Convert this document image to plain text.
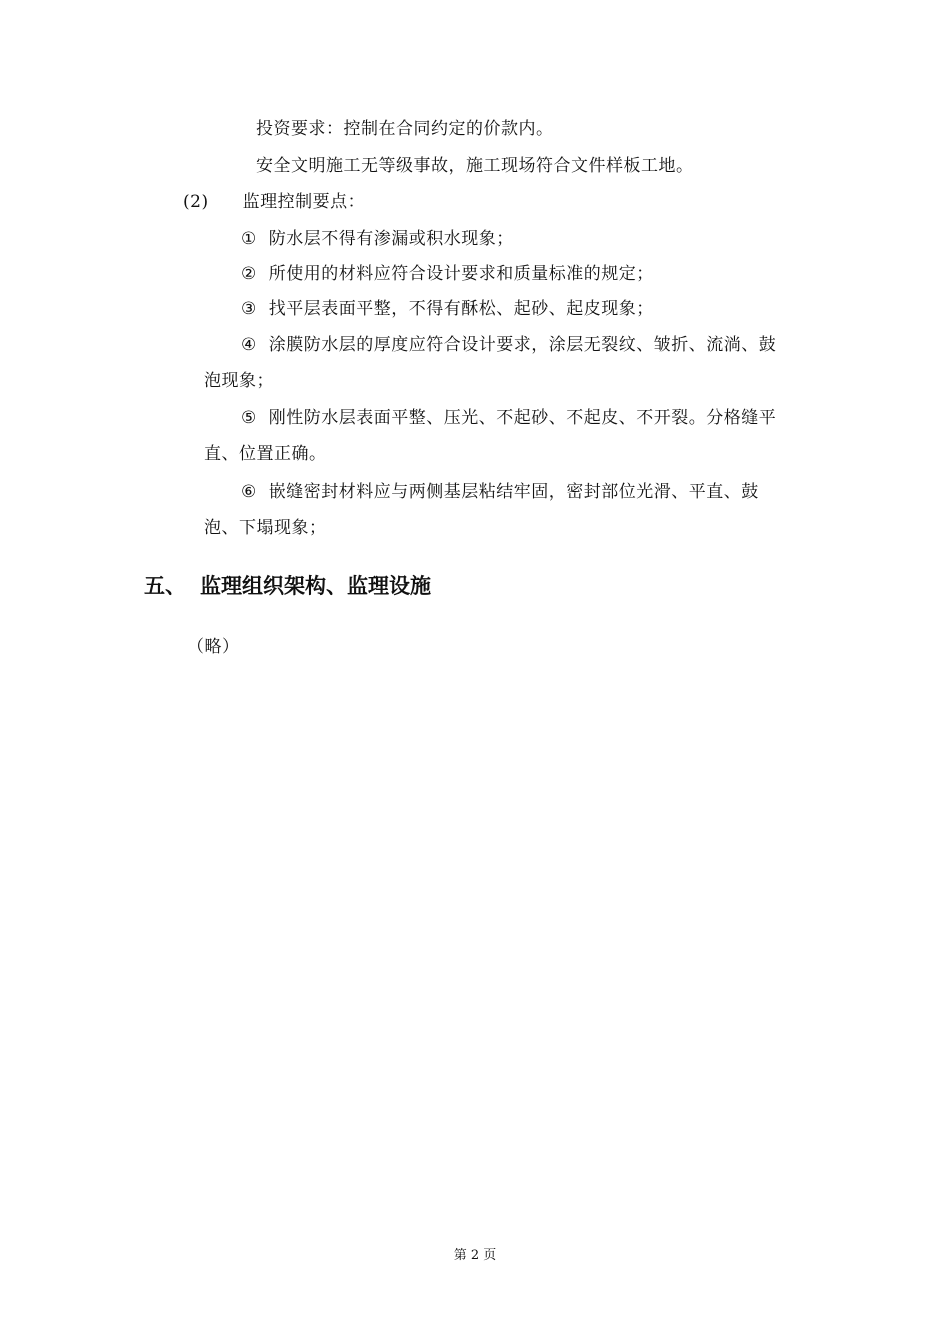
投资要求：控制在合同约定的价款内。
安全文明施工无等级事故，施工现场符合文件样板工地。
(2) 监理控制要点：
① 防水层不得有渗漏或积水现象；
② 所使用的材料应符合设计要求和质量标准的规定；
③ 找平层表面平整，不得有酥松、起砂、起皮现象；
④ 涂膜防水层的厚度应符合设计要求，涂层无裂纹、皱折、流淌、鼓
泡现象；
⑤ 刚性防水层表面平整、压光、不起砂、不起皮、不开裂。分格缝平
直、位置正确。
⑥ 嵌缝密封材料应与两侧基层粘结牢固，密封部位光滑、平直、鼓
泡、下塌现象；
五、 监理组织架构、监理设施
（略）
第 2 页
